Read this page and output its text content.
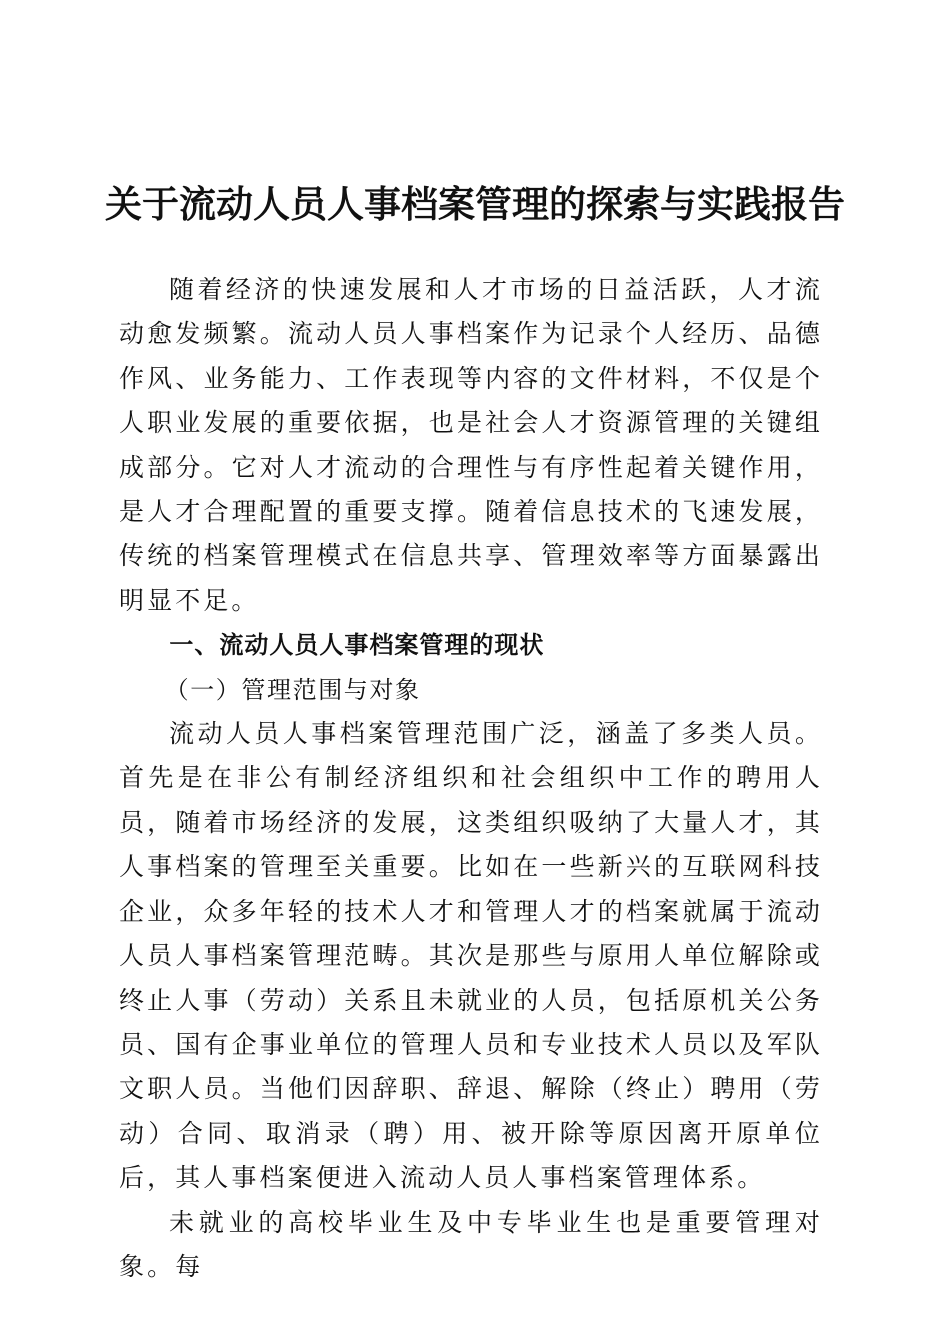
关于流动人员人事档案管理的探索与实践报告

随着经济的快速发展和人才市场的日益活跃，人才流动愈发频繁。流动人员人事档案作为记录个人经历、品德作风、业务能力、工作表现等内容的文件材料，不仅是个人职业发展的重要依据，也是社会人才资源管理的关键组成部分。它对人才流动的合理性与有序性起着关键作用，是人才合理配置的重要支撑。随着信息技术的飞速发展，传统的档案管理模式在信息共享、管理效率等方面暴露出明显不足。

一、流动人员人事档案管理的现状

（一）管理范围与对象

流动人员人事档案管理范围广泛，涵盖了多类人员。首先是在非公有制经济组织和社会组织中工作的聘用人员，随着市场经济的发展，这类组织吸纳了大量人才，其人事档案的管理至关重要。比如在一些新兴的互联网科技企业，众多年轻的技术人才和管理人才的档案就属于流动人员人事档案管理范畴。其次是那些与原用人单位解除或终止人事（劳动）关系且未就业的人员，包括原机关公务员、国有企事业单位的管理人员和专业技术人员以及军队文职人员。当他们因辞职、辞退、解除（终止）聘用（劳动）合同、取消录（聘）用、被开除等原因离开原单位后，其人事档案便进入流动人员人事档案管理体系。

未就业的高校毕业生及中专毕业生也是重要管理对象。每
